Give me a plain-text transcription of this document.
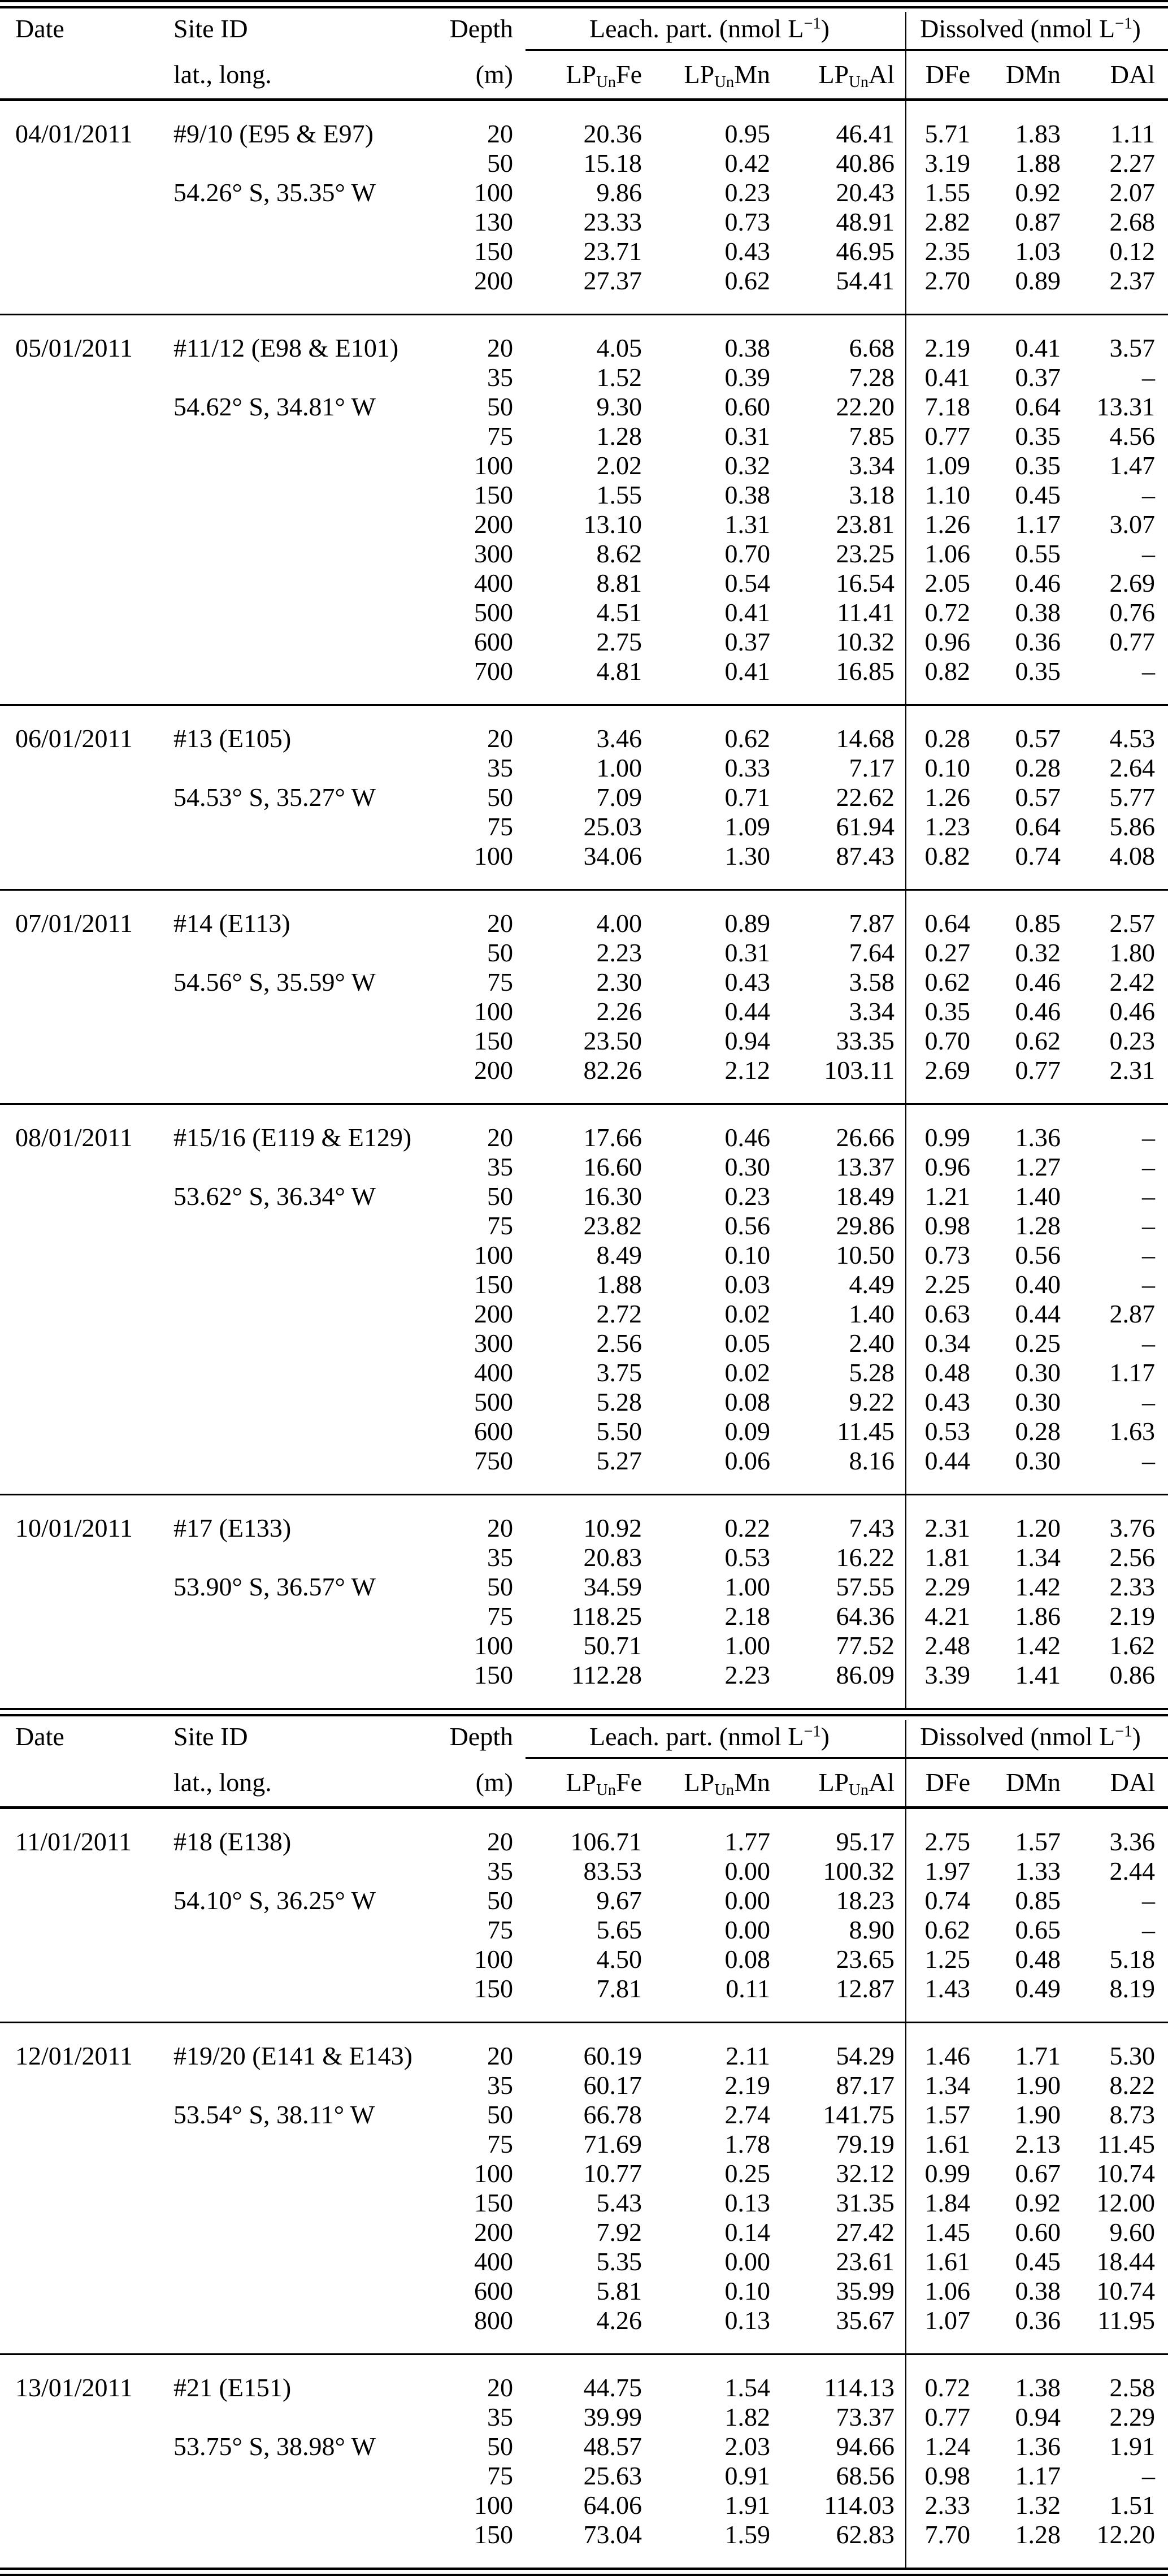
Date	Site ID	Depth	Leach. part. (nmol $L^{-1}$)	Dissolved (nmol $L^{-1}$)
lat., long.	(m)	$LP_{Un}Fe$	$LP_{Un}Mn$	$LP_{Un}Al$	DFe	DMn	DAl
04/01/2011	#9/10 (E95 & E97)	20	20.36	0.95	46.41	5.71	1.83	1.11
50	15.18	0.42	40.86	3.19	1.88	2.27
54.26° S, 35.35° W	100	9.86	0.23	20.43	1.55	0.92	2.07
130	23.33	0.73	48.91	2.82	0.87	2.68
150	23.71	0.43	46.95	2.35	1.03	0.12
200	27.37	0.62	54.41	2.70	0.89	2.37
05/01/2011	#11/12 (E98 & E101)	20	4.05	0.38	6.68	2.19	0.41	3.57
35	1.52	0.39	7.28	0.41	0.37	–
54.62° S, 34.81° W	50	9.30	0.60	22.20	7.18	0.64	13.31
75	1.28	0.31	7.85	0.77	0.35	4.56
100	2.02	0.32	3.34	1.09	0.35	1.47
150	1.55	0.38	3.18	1.10	0.45	–
200	13.10	1.31	23.81	1.26	1.17	3.07
300	8.62	0.70	23.25	1.06	0.55	–
400	8.81	0.54	16.54	2.05	0.46	2.69
500	4.51	0.41	11.41	0.72	0.38	0.76
600	2.75	0.37	10.32	0.96	0.36	0.77
700	4.81	0.41	16.85	0.82	0.35	–
06/01/2011	#13 (E105)	20	3.46	0.62	14.68	0.28	0.57	4.53
35	1.00	0.33	7.17	0.10	0.28	2.64
54.53° S, 35.27° W	50	7.09	0.71	22.62	1.26	0.57	5.77
75	25.03	1.09	61.94	1.23	0.64	5.86
100	34.06	1.30	87.43	0.82	0.74	4.08
07/01/2011	#14 (E113)	20	4.00	0.89	7.87	0.64	0.85	2.57
50	2.23	0.31	7.64	0.27	0.32	1.80
54.56° S, 35.59° W	75	2.30	0.43	3.58	0.62	0.46	2.42
100	2.26	0.44	3.34	0.35	0.46	0.46
150	23.50	0.94	33.35	0.70	0.62	0.23
200	82.26	2.12	103.11	2.69	0.77	2.31
08/01/2011	#15/16 (E119 & E129)	20	17.66	0.46	26.66	0.99	1.36	–
35	16.60	0.30	13.37	0.96	1.27	–
53.62° S, 36.34° W	50	16.30	0.23	18.49	1.21	1.40	–
75	23.82	0.56	29.86	0.98	1.28	–
100	8.49	0.10	10.50	0.73	0.56	–
150	1.88	0.03	4.49	2.25	0.40	–
200	2.72	0.02	1.40	0.63	0.44	2.87
300	2.56	0.05	2.40	0.34	0.25	–
400	3.75	0.02	5.28	0.48	0.30	1.17
500	5.28	0.08	9.22	0.43	0.30	–
600	5.50	0.09	11.45	0.53	0.28	1.63
750	5.27	0.06	8.16	0.44	0.30	–
10/01/2011	#17 (E133)	20	10.92	0.22	7.43	2.31	1.20	3.76
35	20.83	0.53	16.22	1.81	1.34	2.56
53.90° S, 36.57° W	50	34.59	1.00	57.55	2.29	1.42	2.33
75	118.25	2.18	64.36	4.21	1.86	2.19
100	50.71	1.00	77.52	2.48	1.42	1.62
150	112.28	2.23	86.09	3.39	1.41	0.86
Date	Site ID	Depth	Leach. part. (nmol $L^{-1}$)	Dissolved (nmol $L^{-1}$)
lat., long.	(m)	$LP_{Un}Fe$	$LP_{Un}Mn$	$LP_{Un}Al$	DFe	DMn	DAl
11/01/2011	#18 (E138)	20	106.71	1.77	95.17	2.75	1.57	3.36
35	83.53	0.00	100.32	1.97	1.33	2.44
54.10° S, 36.25° W	50	9.67	0.00	18.23	0.74	0.85	–
75	5.65	0.00	8.90	0.62	0.65	–
100	4.50	0.08	23.65	1.25	0.48	5.18
150	7.81	0.11	12.87	1.43	0.49	8.19
12/01/2011	#19/20 (E141 & E143)	20	60.19	2.11	54.29	1.46	1.71	5.30
35	60.17	2.19	87.17	1.34	1.90	8.22
53.54° S, 38.11° W	50	66.78	2.74	141.75	1.57	1.90	8.73
75	71.69	1.78	79.19	1.61	2.13	11.45
100	10.77	0.25	32.12	0.99	0.67	10.74
150	5.43	0.13	31.35	1.84	0.92	12.00
200	7.92	0.14	27.42	1.45	0.60	9.60
400	5.35	0.00	23.61	1.61	0.45	18.44
600	5.81	0.10	35.99	1.06	0.38	10.74
800	4.26	0.13	35.67	1.07	0.36	11.95
13/01/2011	#21 (E151)	20	44.75	1.54	114.13	0.72	1.38	2.58
35	39.99	1.82	73.37	0.77	0.94	2.29
53.75° S, 38.98° W	50	48.57	2.03	94.66	1.24	1.36	1.91
75	25.63	0.91	68.56	0.98	1.17	–
100	64.06	1.91	114.03	2.33	1.32	1.51
150	73.04	1.59	62.83	7.70	1.28	12.20
